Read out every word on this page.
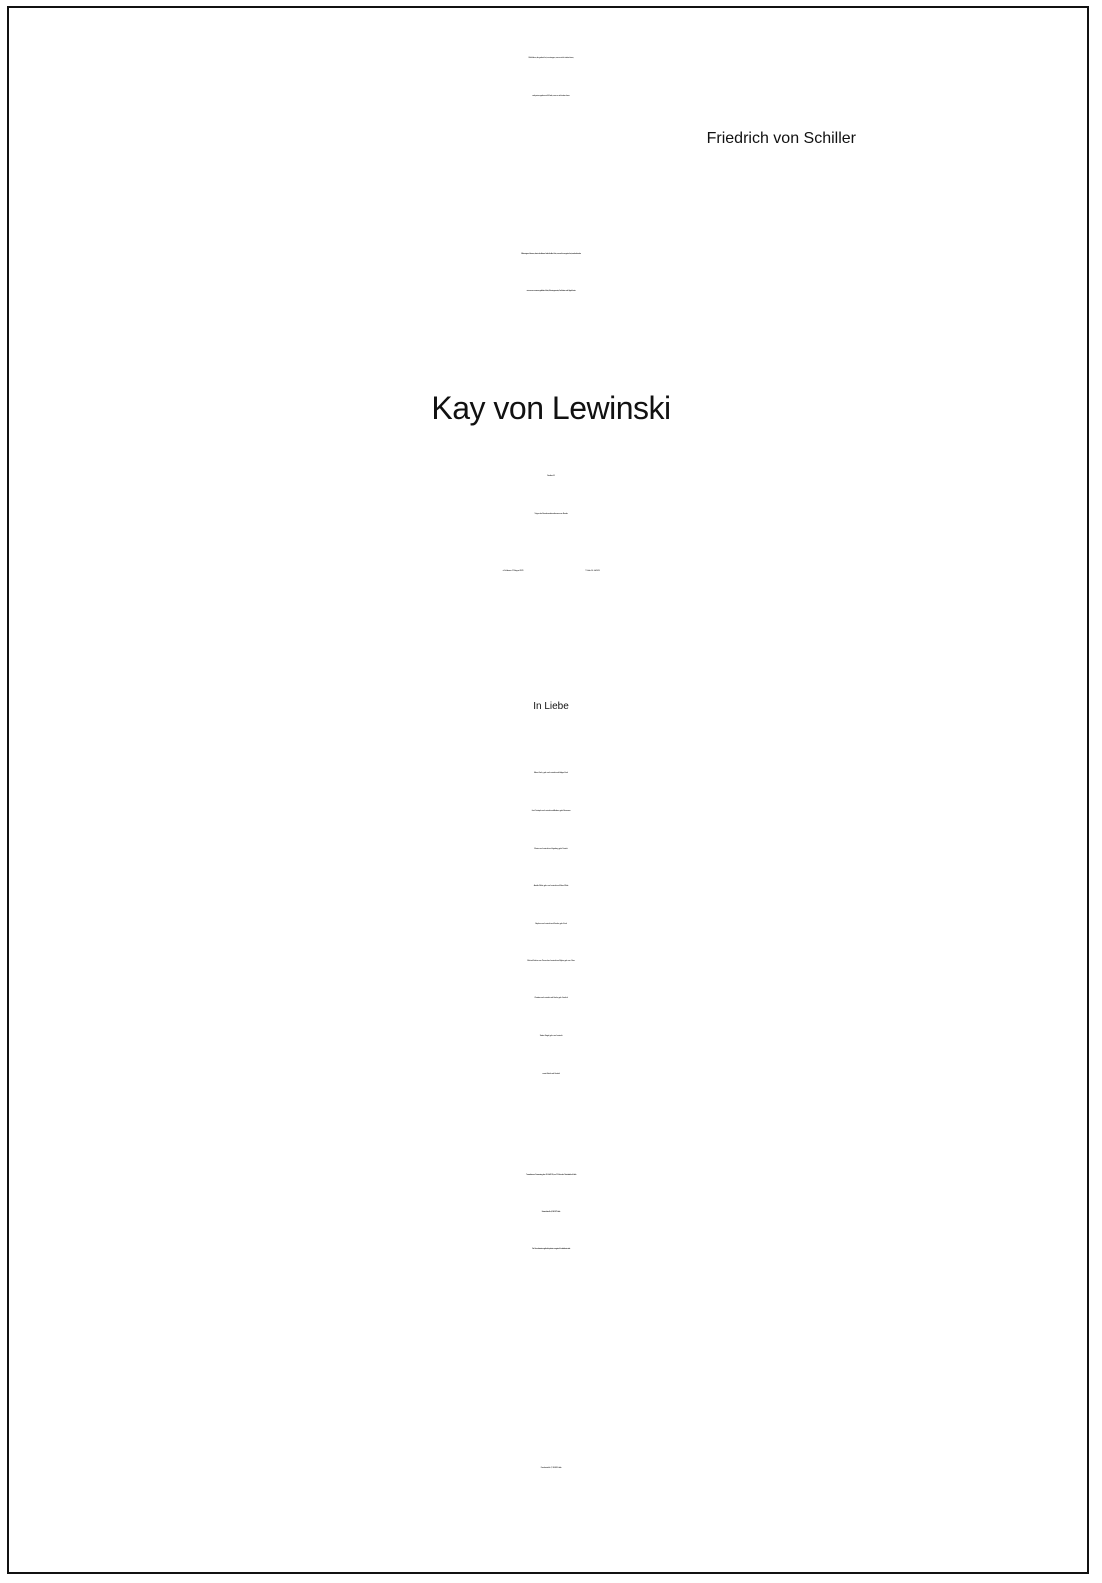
Wohl dem, der gelernt hat, zu ertragen, was er nicht ändern kann,
und preiszugeben mit Würde, was er nicht retten kann.
Friedrich von Schiller
Mit traurigem Herzen, aber in dankbarer Liebe für alles Gute, was er für uns getan hat, verabschieden
wir uns von unserem geliebten Vater, Schwiegervater, Großvater und Urgroßvater
Kay von Lewinski
Direktor i.R.
Träger des Bundesverdienstkreuzes am Bande
∗ Schliersee 17. August 1929	† Fulda 10. Juli 2019
In Liebe
Eileen Koch, geb. von Lewinski und Holger Koch
Jan-Christoph von Lewinski und Andrea, geb. Baumann
Florian von Lewinski und Ingeborg, geb. Dreisch
Amélie Welte, geb. von Lewinski und Klaus Welte
Stephan von Lewinski und Frauke, geb. Koch
Michael Freiherr von Preuschen-Lewinski und Sylvia, geb. von Claer
Christian von Lewinski und Ursula, geb. Greulich
Sixtina Siegel, geb. von Lewinski
sowie Enkel und Urenkel
Trauerfeier am Donnerstag, den 18. Juli 2019, um 11 Uhr in der Christuskirche Fulda
Heinrichstraße 4, 36037 Fulda.
Die Urnenbeisetzung findet später im engsten Familienkreis statt.
Dronkestraße 7, 36039 Fulda
